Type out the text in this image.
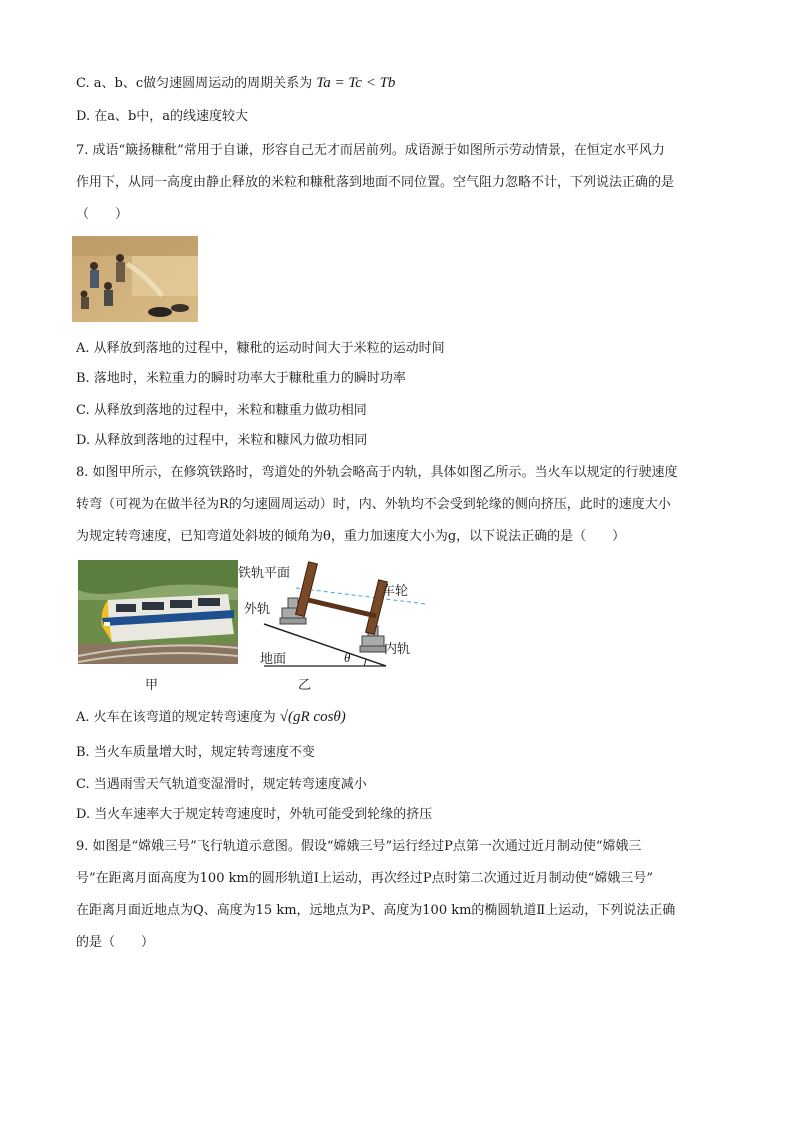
C. a、b、c做匀速圆周运动的周期关系为 Ta = Tc < Tb
D. 在a、b中，a的线速度较大
7. 成语“簸扬糠秕”常用于自谦，形容自己无才而居前列。成语源于如图所示劳动情景，在恒定水平风力
作用下，从同一高度由静止释放的米粒和糠秕落到地面不同位置。空气阻力忽略不计，下列说法正确的是
（　　）
A. 从释放到落地的过程中，糠秕的运动时间大于米粒的运动时间
B. 落地时，米粒重力的瞬时功率大于糠秕重力的瞬时功率
C. 从释放到落地的过程中，米粒和糠重力做功相同
D. 从释放到落地的过程中，米粒和糠风力做功相同
8. 如图甲所示，在修筑铁路时，弯道处的外轨会略高于内轨，具体如图乙所示。当火车以规定的行驶速度
转弯（可视为在做半径为R的匀速圆周运动）时，内、外轨均不会受到轮缘的侧向挤压，此时的速度大小
为规定转弯速度，已知弯道处斜坡的倾角为θ，重力加速度大小为g，以下说法正确的是（　　）
甲
铁轨平面
车轮
外轨
内轨
地面	θ
乙
A. 火车在该弯道的规定转弯速度为 √(gR cosθ)
B. 当火车质量增大时，规定转弯速度不变
C. 当遇雨雪天气轨道变湿滑时，规定转弯速度减小
D. 当火车速率大于规定转弯速度时，外轨可能受到轮缘的挤压
9. 如图是“嫦娥三号”飞行轨道示意图。假设“嫦娥三号”运行经过P点第一次通过近月制动使“嫦娥三
号”在距离月面高度为100 km的圆形轨道Ⅰ上运动，再次经过P点时第二次通过近月制动使“嫦娥三号”
在距离月面近地点为Q、高度为15 km，远地点为P、高度为100 km的椭圆轨道Ⅱ上运动，下列说法正确
的是（　　）
